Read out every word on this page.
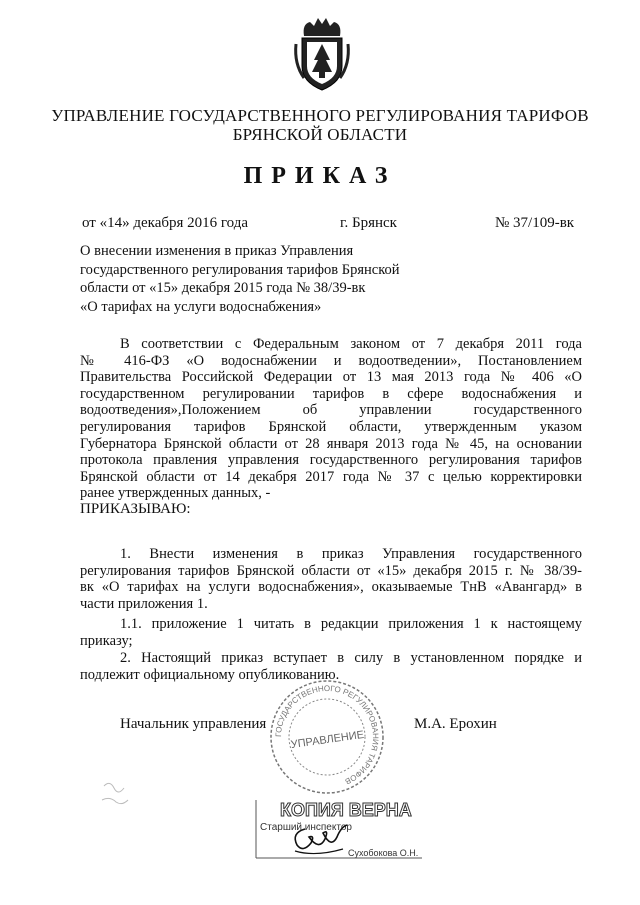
УПРАВЛЕНИЕ ГОСУДАРСТВЕННОГО РЕГУЛИРОВАНИЯ ТАРИФОВ
БРЯНСКОЙ ОБЛАСТИ
ПРИКАЗ
от «14» декабря 2016 года	г. Брянск	№ 37/109-вк
О внесении изменения в приказ Управления
государственного регулирования тарифов Брянской
области от «15» декабря 2015 года № 38/39-вк
«О тарифах на услуги водоснабжения»
В соответствии с Федеральным законом от 7 декабря 2011 года
№ 416-ФЗ «О водоснабжении и водоотведении», Постановлением
Правительства Российской Федерации от 13 мая 2013 года № 406 «О
государственном регулировании тарифов в сфере водоснабжения и
водоотведения»,Положением об управлении государственного
регулирования тарифов Брянской области, утвержденным указом
Губернатора Брянской области от 28 января 2013 года № 45, на основании
протокола правления управления государственного регулирования тарифов
Брянской области от 14 декабря 2017 года № 37 с целью корректировки
ранее утвержденных данных, -
ПРИКАЗЫВАЮ:
1. Внести изменения в приказ Управления государственного
регулирования тарифов Брянской области от «15» декабря 2015 г. № 38/39-
вк «О тарифах на услуги водоснабжения», оказываемые ТнВ «Авангард» в
части приложения 1.
1.1. приложение 1 читать в редакции приложения 1 к настоящему
приказу;
2. Настоящий приказ вступает в силу в установленном порядке и
подлежит официальному опубликованию.
Начальник управления	М.А. Ерохин
ГОСУДАРСТВЕННОГО РЕГУЛИРОВАНИЯ ТАРИФОВ
УПРАВЛЕНИЕ
КОПИЯ ВЕРНА
Старший инспектор
Сухобокова О.Н.
